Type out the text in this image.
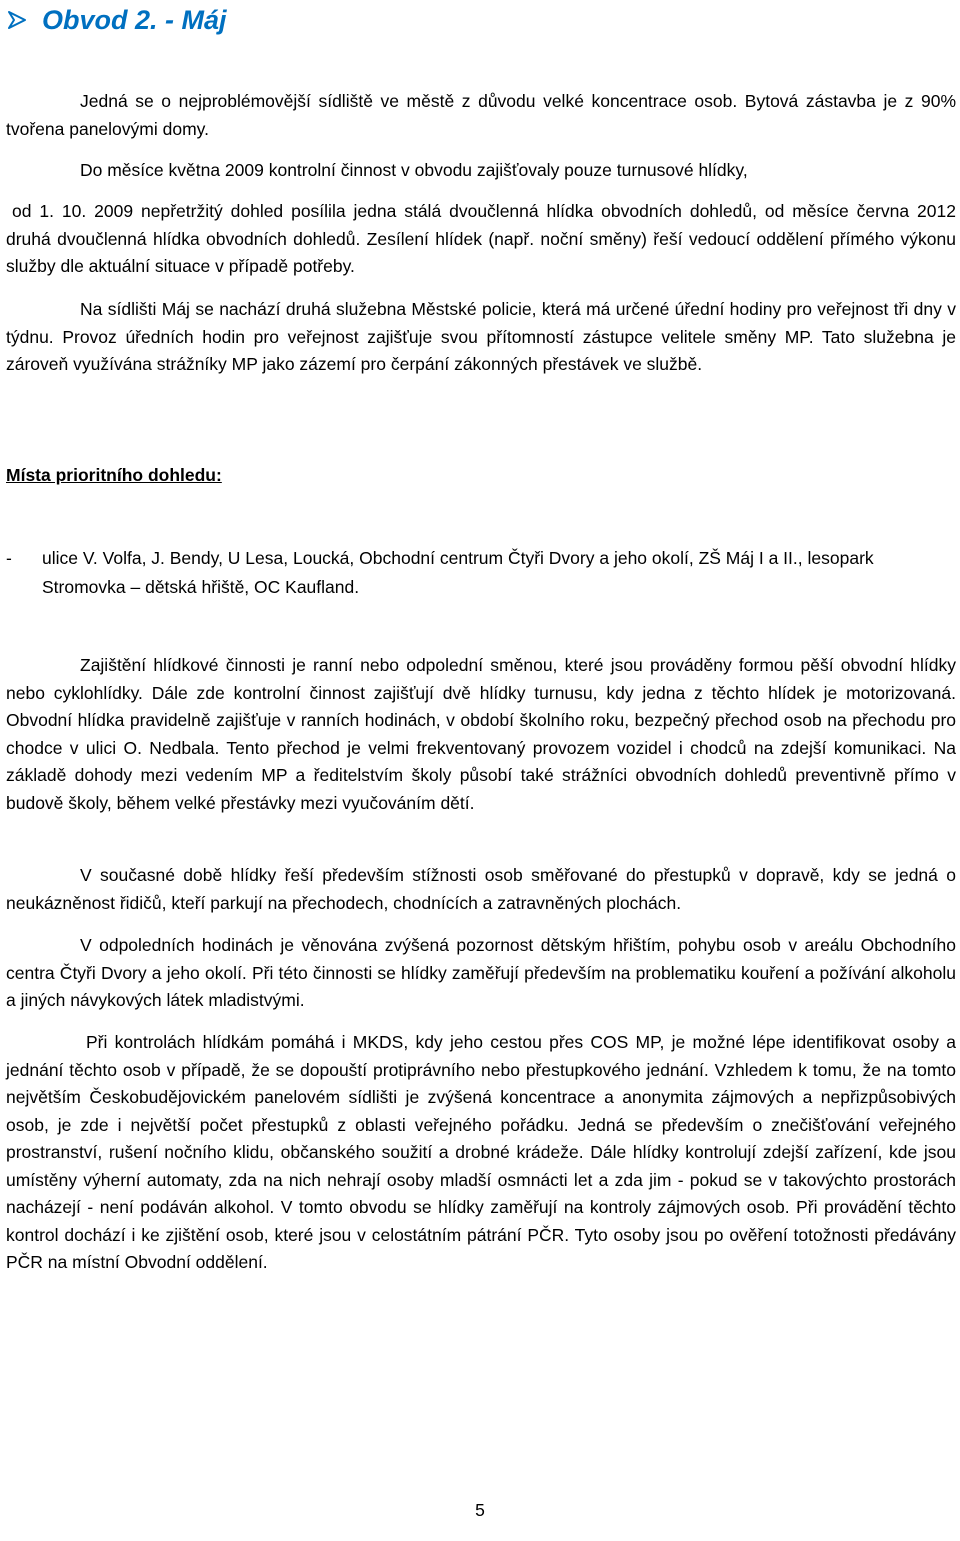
Obvod 2. - Máj

Jedná se o nejproblémovější sídliště ve městě z důvodu velké koncentrace osob. Bytová zástavba je z 90% tvořena panelovými domy.

Do měsíce května 2009 kontrolní činnost v obvodu zajišťovaly pouze turnusové hlídky,

od 1. 10. 2009 nepřetržitý dohled posílila jedna stálá dvoučlenná hlídka obvodních dohledů, od měsíce června 2012 druhá dvoučlenná hlídka obvodních dohledů. Zesílení hlídek (např. noční směny) řeší vedoucí oddělení přímého výkonu služby dle aktuální situace v případě potřeby.

Na sídlišti Máj se nachází druhá služebna Městské policie, která má určené úřední hodiny pro veřejnost tři dny v týdnu. Provoz úředních hodin pro veřejnost zajišťuje svou přítomností zástupce velitele směny MP. Tato služebna je zároveň využívána strážníky MP jako zázemí pro čerpání zákonných přestávek ve službě.

Místa prioritního dohledu:
-	ulice V. Volfa, J. Bendy, U Lesa, Loucká, Obchodní centrum Čtyři Dvory a jeho okolí, ZŠ Máj I a II., lesopark Stromovka – dětská hřiště, OC Kaufland.

Zajištění hlídkové činnosti je ranní nebo odpolední směnou, které jsou prováděny formou pěší obvodní hlídky nebo cyklohlídky. Dále zde kontrolní činnost zajišťují dvě hlídky turnusu, kdy jedna z těchto hlídek je motorizovaná. Obvodní hlídka pravidelně zajišťuje v ranních hodinách, v období školního roku, bezpečný přechod osob na přechodu pro chodce v ulici O. Nedbala. Tento přechod je velmi frekventovaný provozem vozidel i chodců na zdejší komunikaci. Na základě dohody mezi vedením MP a ředitelstvím školy působí také strážníci obvodních dohledů preventivně přímo v budově školy, během velké přestávky mezi vyučováním dětí.

V současné době hlídky řeší především stížnosti osob směřované do přestupků v dopravě, kdy se jedná o neukázněnost řidičů, kteří parkují na přechodech, chodnících a zatravněných plochách.

V odpoledních hodinách je věnována zvýšená pozornost dětským hřištím, pohybu osob v areálu Obchodního centra Čtyři Dvory a jeho okolí. Při této činnosti se hlídky zaměřují především na problematiku kouření a požívání alkoholu a jiných návykových látek mladistvými.

Při kontrolách hlídkám pomáhá i MKDS, kdy jeho cestou přes COS MP, je možné lépe identifikovat osoby a jednání těchto osob v případě, že se dopouští protiprávního nebo přestupkového jednání. Vzhledem k tomu, že na tomto největším Českobudějovickém panelovém sídlišti je zvýšená koncentrace a anonymita zájmových a nepřizpůsobivých osob, je zde i největší počet přestupků z oblasti veřejného pořádku. Jedná se především o znečišťování veřejného prostranství, rušení nočního klidu, občanského soužití a drobné krádeže. Dále hlídky kontrolují zdejší zařízení, kde jsou umístěny výherní automaty, zda na nich nehrají osoby mladší osmnácti let a zda jim - pokud se v takovýchto prostorách nacházejí - není podáván alkohol. V tomto obvodu se hlídky zaměřují na kontroly zájmových osob. Při provádění těchto kontrol dochází i ke zjištění osob, které jsou v celostátním pátrání PČR. Tyto osoby jsou po ověření totožnosti předávány PČR na místní Obvodní oddělení.

5
